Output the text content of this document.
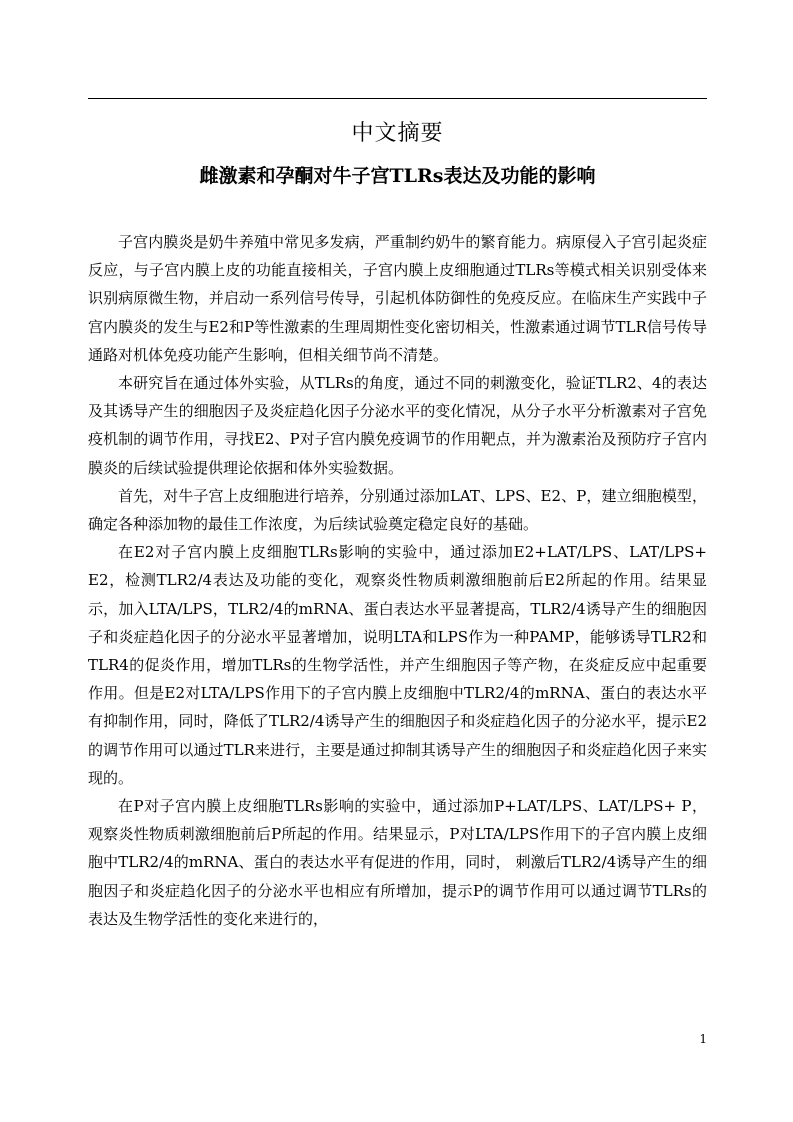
中文摘要
雌激素和孕酮对牛子宫TLRs表达及功能的影响

子宫内膜炎是奶牛养殖中常见多发病，严重制约奶牛的繁育能力。病原侵入子宫引起炎症反应，与子宫内膜上皮的功能直接相关，子宫内膜上皮细胞通过TLRs等模式相关识别受体来识别病原微生物，并启动一系列信号传导，引起机体防御性的免疫反应。在临床生产实践中子宫内膜炎的发生与E2和P等性激素的生理周期性变化密切相关，性激素通过调节TLR信号传导通路对机体免疫功能产生影响，但相关细节尚不清楚。

本研究旨在通过体外实验，从TLRs的角度，通过不同的刺激变化，验证TLR2、4的表达及其诱导产生的细胞因子及炎症趋化因子分泌水平的变化情况，从分子水平分析激素对子宫免疫机制的调节作用，寻找E2、P对子宫内膜免疫调节的作用靶点，并为激素治及预防疗子宫内膜炎的后续试验提供理论依据和体外实验数据。

首先，对牛子宫上皮细胞进行培养，分别通过添加LAT、LPS、E2、P，建立细胞模型，确定各种添加物的最佳工作浓度，为后续试验奠定稳定良好的基础。

在E2对子宫内膜上皮细胞TLRs影响的实验中，通过添加E2+LAT/LPS、LAT/LPS+ E2，检测TLR2/4表达及功能的变化，观察炎性物质刺激细胞前后E2所起的作用。结果显示，加入LTA/LPS，TLR2/4的mRNA、蛋白表达水平显著提高，TLR2/4诱导产生的细胞因子和炎症趋化因子的分泌水平显著增加，说明LTA和LPS作为一种PAMP，能够诱导TLR2和TLR4的促炎作用，增加TLRs的生物学活性，并产生细胞因子等产物，在炎症反应中起重要作用。但是E2对LTA/LPS作用下的子宫内膜上皮细胞中TLR2/4的mRNA、蛋白的表达水平有抑制作用，同时，降低了TLR2/4诱导产生的细胞因子和炎症趋化因子的分泌水平，提示E2的调节作用可以通过TLR来进行，主要是通过抑制其诱导产生的细胞因子和炎症趋化因子来实现的。

在P对子宫内膜上皮细胞TLRs影响的实验中，通过添加P+LAT/LPS、LAT/LPS+ P，观察炎性物质刺激细胞前后P所起的作用。结果显示，P对LTA/LPS作用下的子宫内膜上皮细胞中TLR2/4的mRNA、蛋白的表达水平有促进的作用，同时， 刺激后TLR2/4诱导产生的细胞因子和炎症趋化因子的分泌水平也相应有所增加，提示P的调节作用可以通过调节TLRs的表达及生物学活性的变化来进行的，

1
